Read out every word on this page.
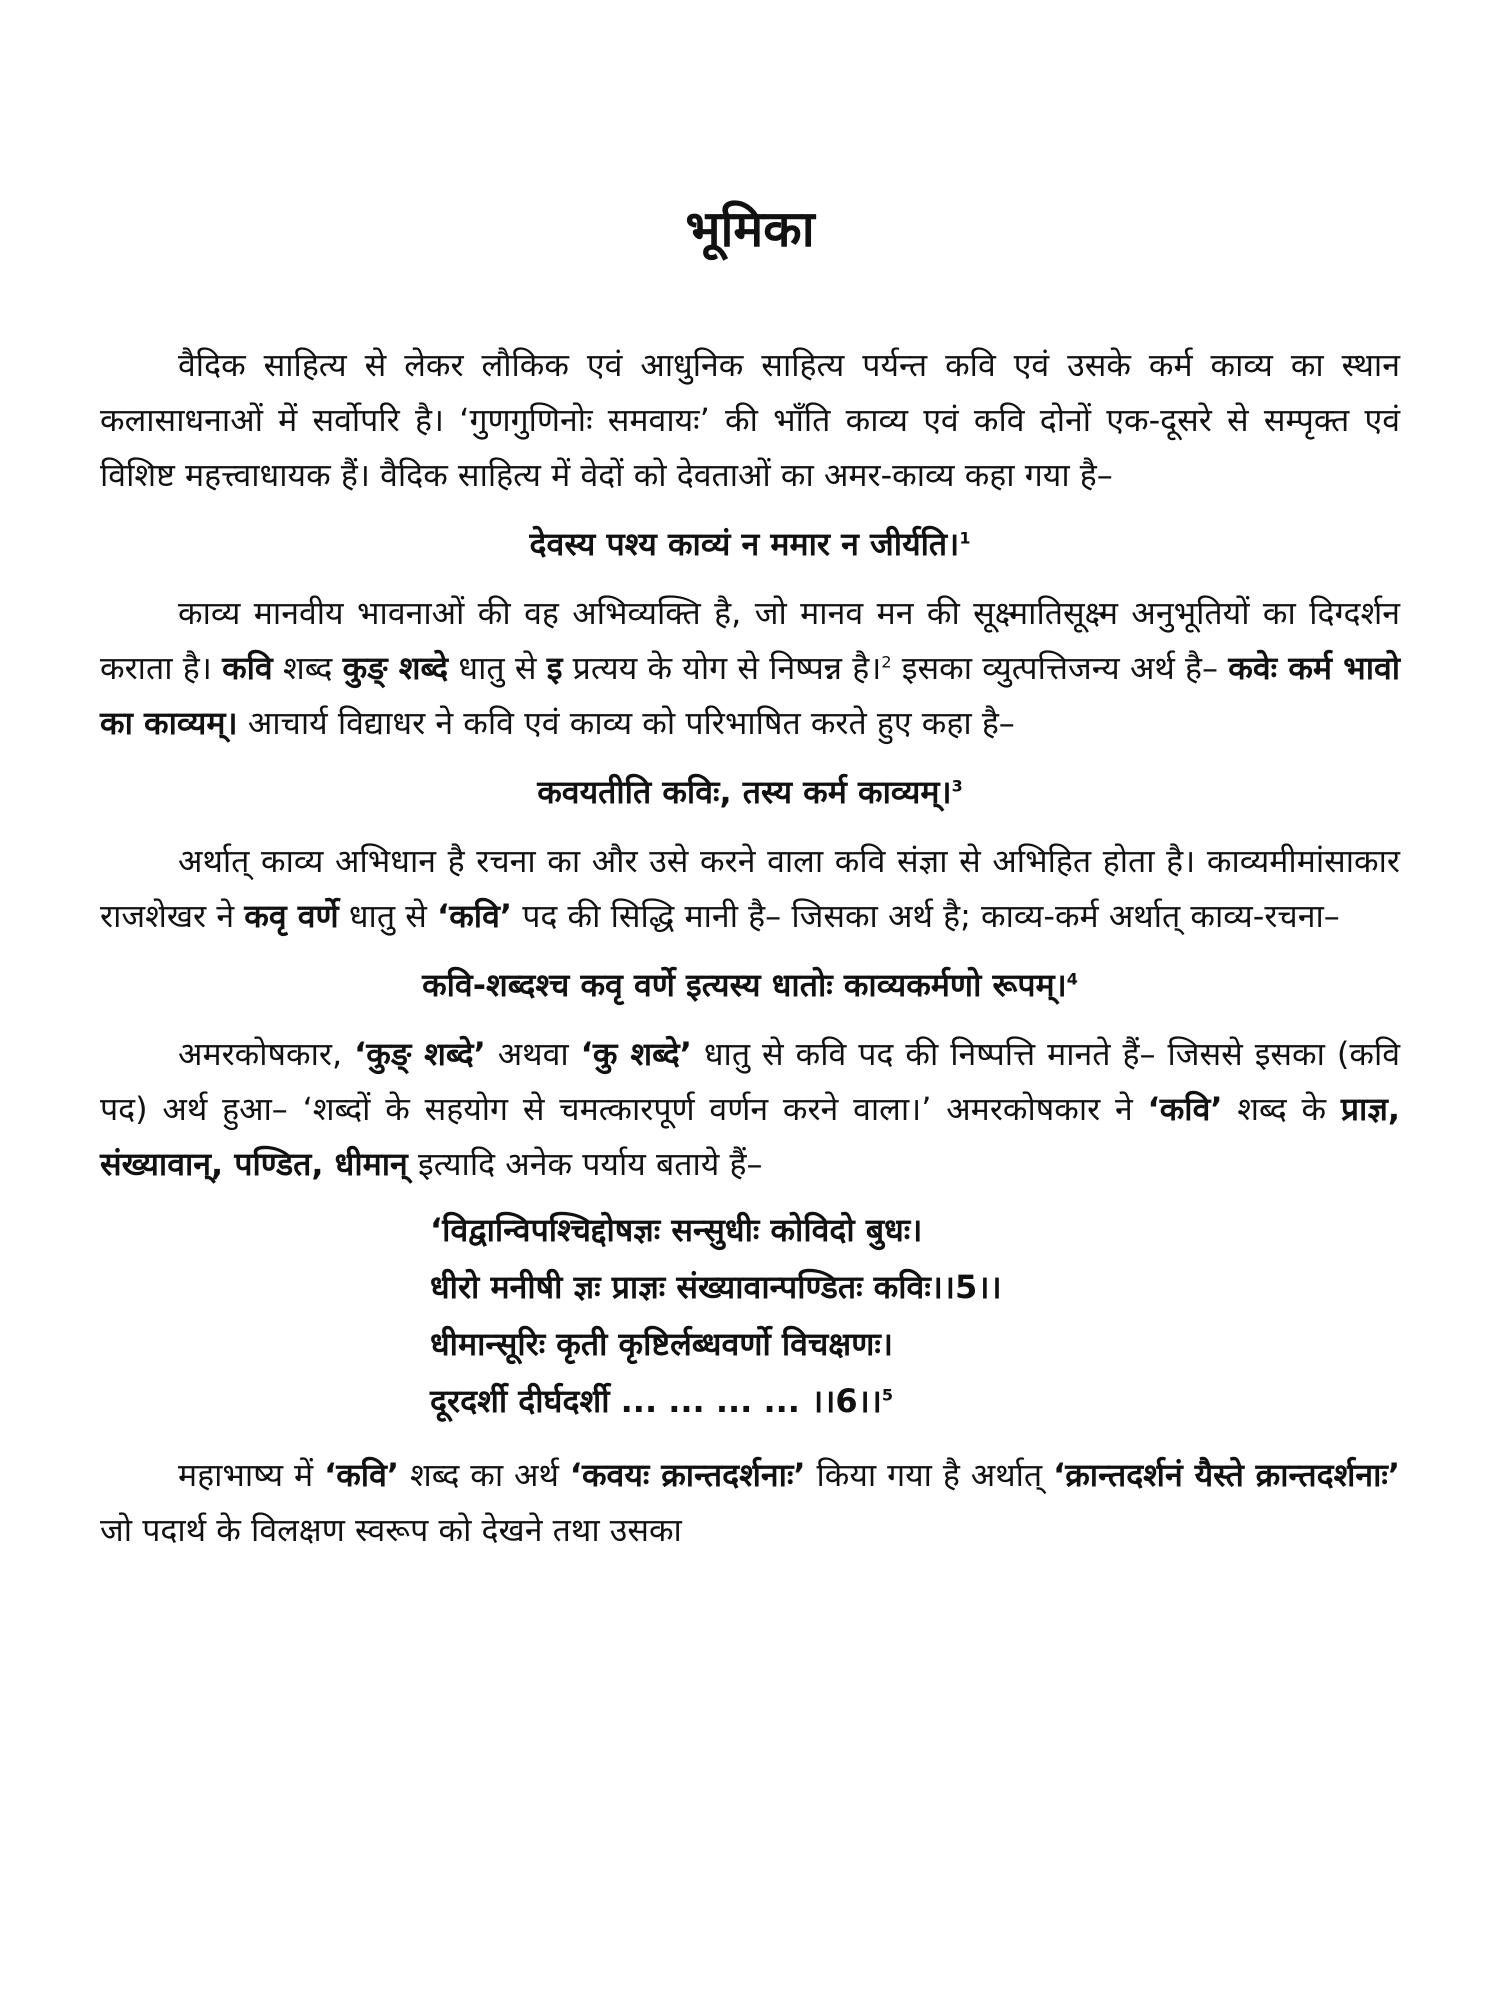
भूमिका

वैदिक साहित्य से लेकर लौकिक एवं आधुनिक साहित्य पर्यन्त कवि एवं उसके कर्म काव्य का स्थान कलासाधनाओं में सर्वोपरि है। ‘गुणगुणिनोः समवायः’ की भाँति काव्य एवं कवि दोनों एक-दूसरे से सम्पृक्त एवं विशिष्ट महत्त्वाधायक हैं। वैदिक साहित्य में वेदों को देवताओं का अमर-काव्य कहा गया है–

देवस्य पश्य काव्यं न ममार न जीर्यति।$^1$

काव्य मानवीय भावनाओं की वह अभिव्यक्ति है, जो मानव मन की सूक्ष्मातिसूक्ष्म अनुभूतियों का दिग्दर्शन कराता है। कवि शब्द कुङ् शब्दे धातु से इ प्रत्यय के योग से निष्पन्न है।$^2$ इसका व्युत्पत्तिजन्य अर्थ है– कवेः कर्म भावो का काव्यम्। आचार्य विद्याधर ने कवि एवं काव्य को परिभाषित करते हुए कहा है–

कवयतीति कविः, तस्य कर्म काव्यम्।$^3$

अर्थात् काव्य अभिधान है रचना का और उसे करने वाला कवि संज्ञा से अभिहित होता है। काव्यमीमांसाकार राजशेखर ने कवृ वर्णे धातु से ‘कवि’ पद की सिद्धि मानी है– जिसका अर्थ है; काव्य-कर्म अर्थात् काव्य-रचना–

कवि-शब्दश्च कवृ वर्णे इत्यस्य धातोः काव्यकर्मणो रूपम्।$^4$

अमरकोषकार, ‘कुङ् शब्दे’ अथवा ‘कु शब्दे’ धातु से कवि पद की निष्पत्ति मानते हैं– जिससे इसका (कवि पद) अर्थ हुआ– ‘शब्दों के सहयोग से चमत्कारपूर्ण वर्णन करने वाला।’ अमरकोषकार ने ‘कवि’ शब्द के प्राज्ञ, संख्यावान्, पण्डित, धीमान् इत्यादि अनेक पर्याय बताये हैं–

‘विद्वान्विपश्चिद्दोषज्ञः सन्सुधीः कोविदो बुधः।

धीरो मनीषी ज्ञः प्राज्ञः संख्यावान्पण्डितः कविः।।5।।

धीमान्सूरिः कृती कृष्टिर्लब्धवर्णो विचक्षणः।

दूरदर्शी दीर्घदर्शी ... ... ... ... ।।6।।$^5$

महाभाष्य में ‘कवि’ शब्द का अर्थ ‘कवयः क्रान्तदर्शनाः’ किया गया है अर्थात् ‘क्रान्तदर्शनं यैस्ते क्रान्तदर्शनाः’ जो पदार्थ के विलक्षण स्वरूप को देखने तथा उसका
